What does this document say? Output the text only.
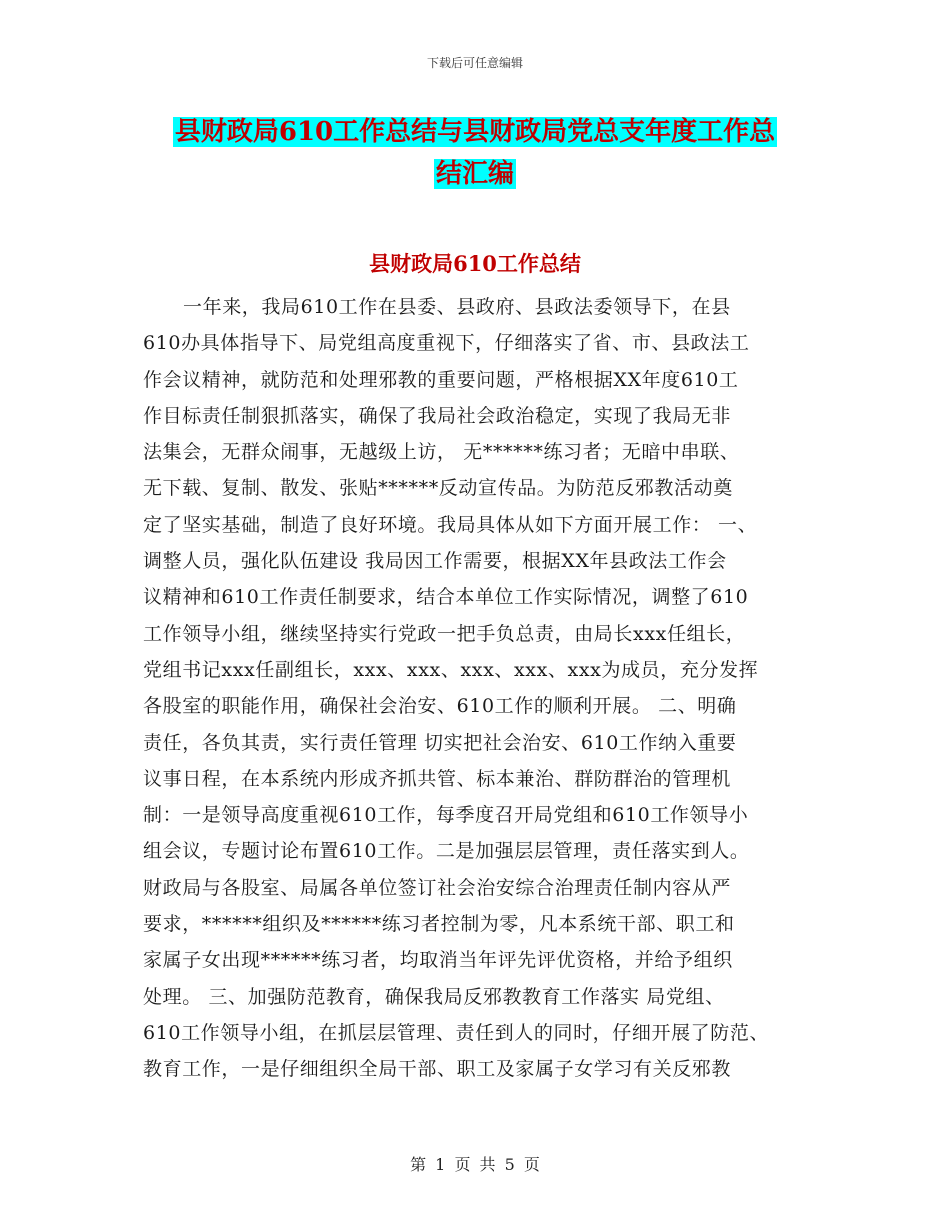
下载后可任意编辑
县财政局610工作总结与县财政局党总支年度工作总
结汇编
县财政局610工作总结
一年来，我局610工作在县委、县政府、县政法委领导下，在县
610办具体指导下、局党组高度重视下，仔细落实了省、市、县政法工
作会议精神，就防范和处理邪教的重要问题，严格根据XX年度610工
作目标责任制狠抓落实，确保了我局社会政治稳定，实现了我局无非
法集会，无群众闹事，无越级上访， 无******练习者；无暗中串联、
无下载、复制、散发、张贴******反动宣传品。为防范反邪教活动奠
定了坚实基础，制造了良好环境。我局具体从如下方面开展工作： 一、
调整人员，强化队伍建设 我局因工作需要，根据XX年县政法工作会
议精神和610工作责任制要求，结合本单位工作实际情况，调整了610
工作领导小组，继续坚持实行党政一把手负总责，由局长xxx任组长，
党组书记xxx任副组长，xxx、xxx、xxx、xxx、xxx为成员，充分发挥
各股室的职能作用，确保社会治安、610工作的顺利开展。 二、明确
责任，各负其责，实行责任管理 切实把社会治安、610工作纳入重要
议事日程，在本系统内形成齐抓共管、标本兼治、群防群治的管理机
制：一是领导高度重视610工作，每季度召开局党组和610工作领导小
组会议，专题讨论布置610工作。二是加强层层管理，责任落实到人。
财政局与各股室、局属各单位签订社会治安综合治理责任制内容从严
要求，******组织及******练习者控制为零，凡本系统干部、职工和
家属子女出现******练习者，均取消当年评先评优资格，并给予组织
处理。 三、加强防范教育，确保我局反邪教教育工作落实 局党组、
610工作领导小组，在抓层层管理、责任到人的同时，仔细开展了防范、
教育工作，一是仔细组织全局干部、职工及家属子女学习有关反邪教
第 1 页 共 5 页
